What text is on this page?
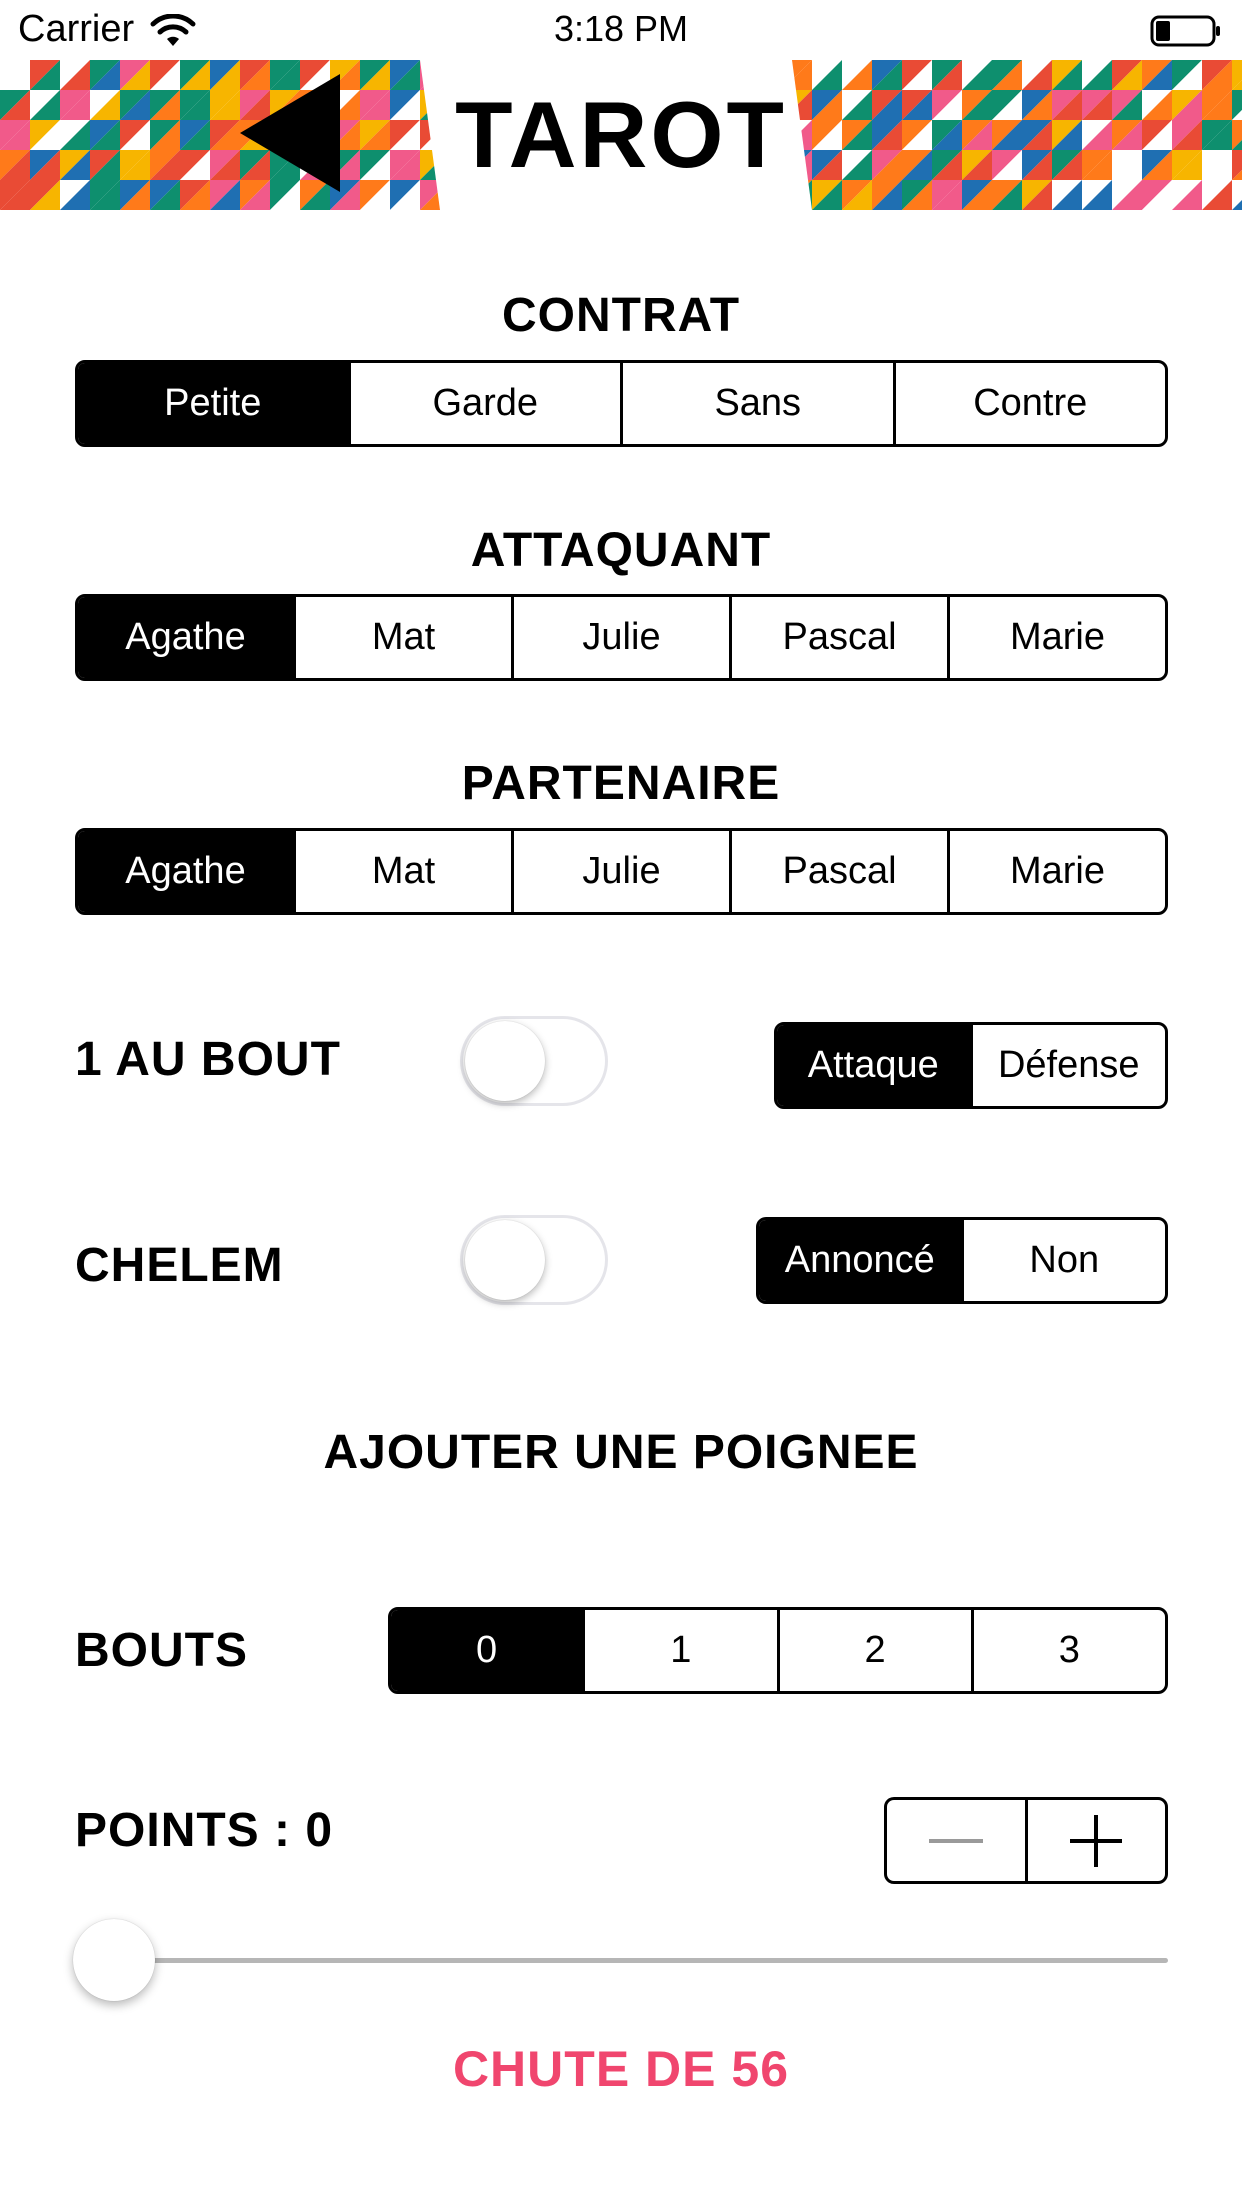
Carrier	3:18 PM
TAROT
CONTRAT
Petite	Garde	Sans	Contre
ATTAQUANT
Agathe	Mat	Julie	Pascal	Marie
PARTENAIRE
Agathe	Mat	Julie	Pascal	Marie
1 AU BOUT	Attaque	Défense
CHELEM	Annoncé	Non
AJOUTER UNE POIGNEE
BOUTS	0	1	2	3
POINTS : 0
CHUTE DE 56
